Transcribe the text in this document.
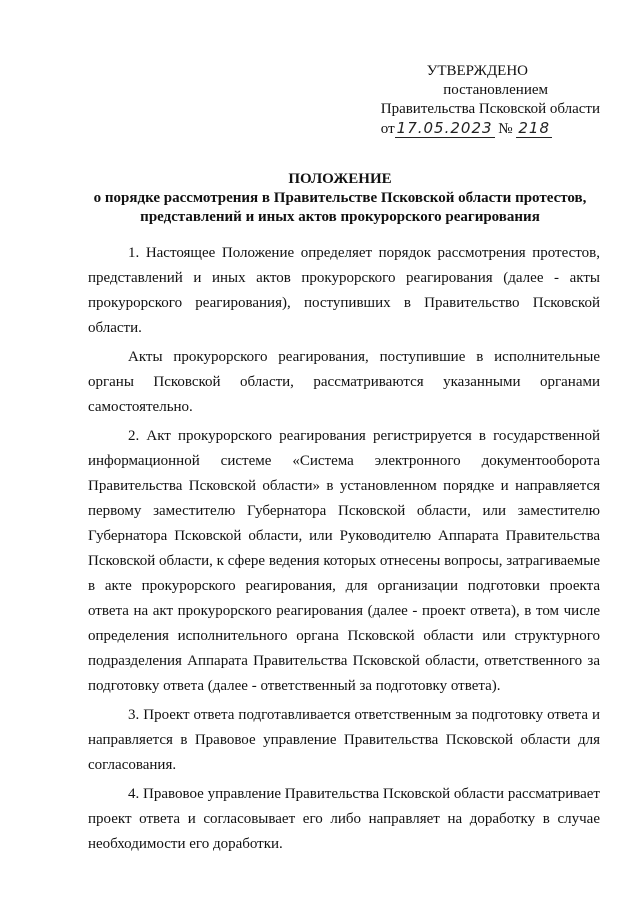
УТВЕРЖДЕНО
постановлением
Правительства Псковской области
от 17.05.2023 № 218
ПОЛОЖЕНИЕ
о порядке рассмотрения в Правительстве Псковской области протестов,
представлений и иных актов прокурорского реагирования

1. Настоящее Положение определяет порядок рассмотрения протестов, представлений и иных актов прокурорского реагирования (далее - акты прокурорского реагирования), поступивших в Правительство Псковской области.

Акты прокурорского реагирования, поступившие в исполнительные органы Псковской области, рассматриваются указанными органами самостоятельно.

2. Акт прокурорского реагирования регистрируется в государственной информационной системе «Система электронного документооборота Правительства Псковской области» в установленном порядке и направляется первому заместителю Губернатора Псковской области, или заместителю Губернатора Псковской области, или Руководителю Аппарата Правительства Псковской области, к сфере ведения которых отнесены вопросы, затрагиваемые в акте прокурорского реагирования, для организации подготовки проекта ответа на акт прокурорского реагирования (далее - проект ответа), в том числе определения исполнительного органа Псковской области или структурного подразделения Аппарата Правительства Псковской области, ответственного за подготовку ответа (далее - ответственный за подготовку ответа).

3. Проект ответа подготавливается ответственным за подготовку ответа и направляется в Правовое управление Правительства Псковской области для согласования.

4. Правовое управление Правительства Псковской области рассматривает проект ответа и согласовывает его либо направляет на доработку в случае необходимости его доработки.
